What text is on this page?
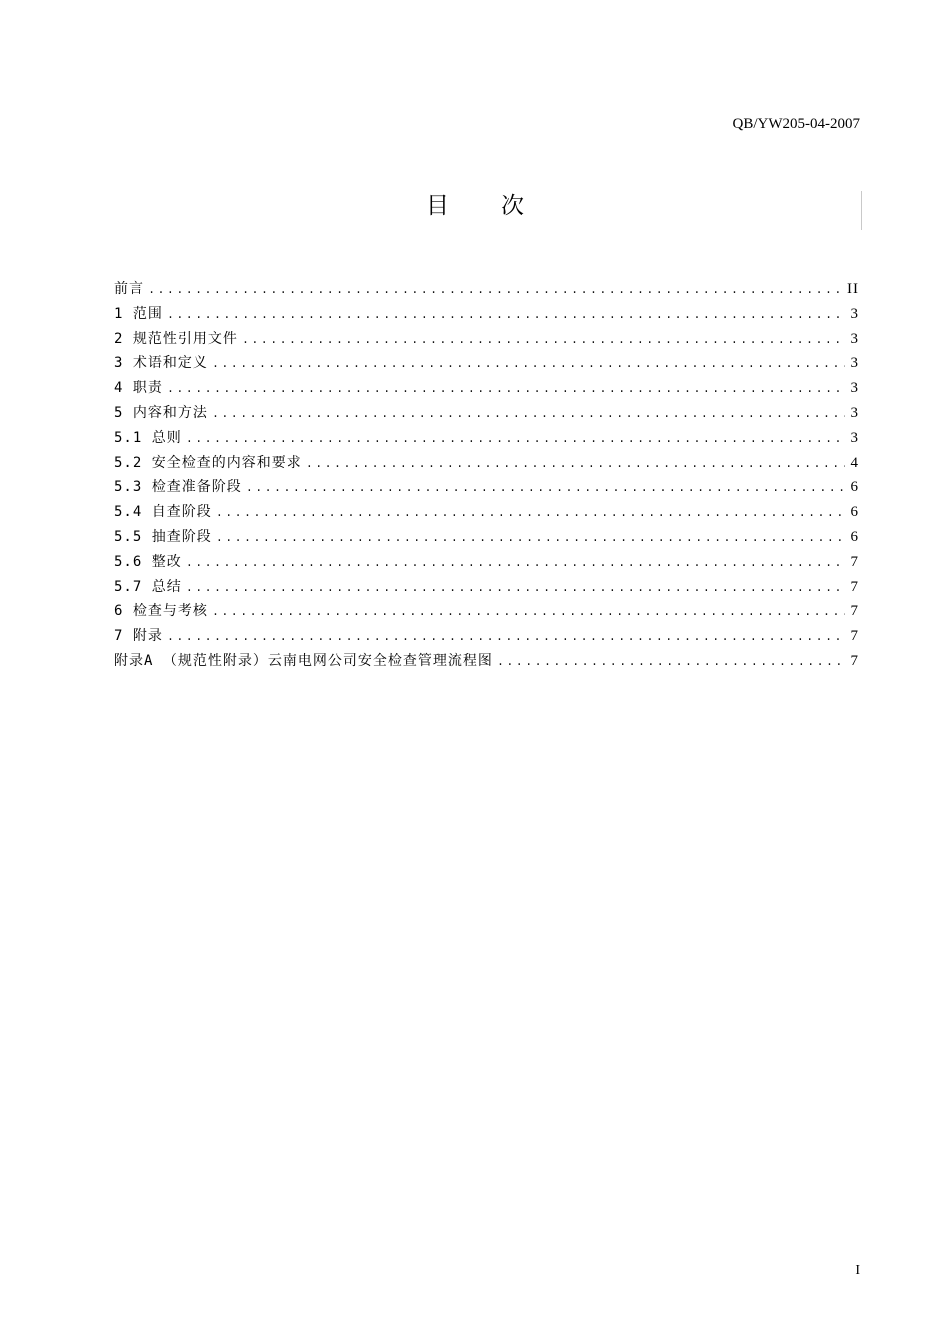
QB/YW205-04-2007
目次
前言 .....	II
1 范围 .....	3
2 规范性引用文件 .....	3
3 术语和定义 .....	3
4 职责 .....	3
5 内容和方法 .....	3
5.1 总则 .....	3
5.2 安全检查的内容和要求 .....	4
5.3 检查准备阶段 .....	6
5.4 自查阶段 .....	6
5.5 抽查阶段 .....	6
5.6 整改 .....	7
5.7 总结 .....	7
6 检查与考核 .....	7
7 附录 .....	7
附录A （规范性附录）云南电网公司安全检查管理流程图 .....	7
I
